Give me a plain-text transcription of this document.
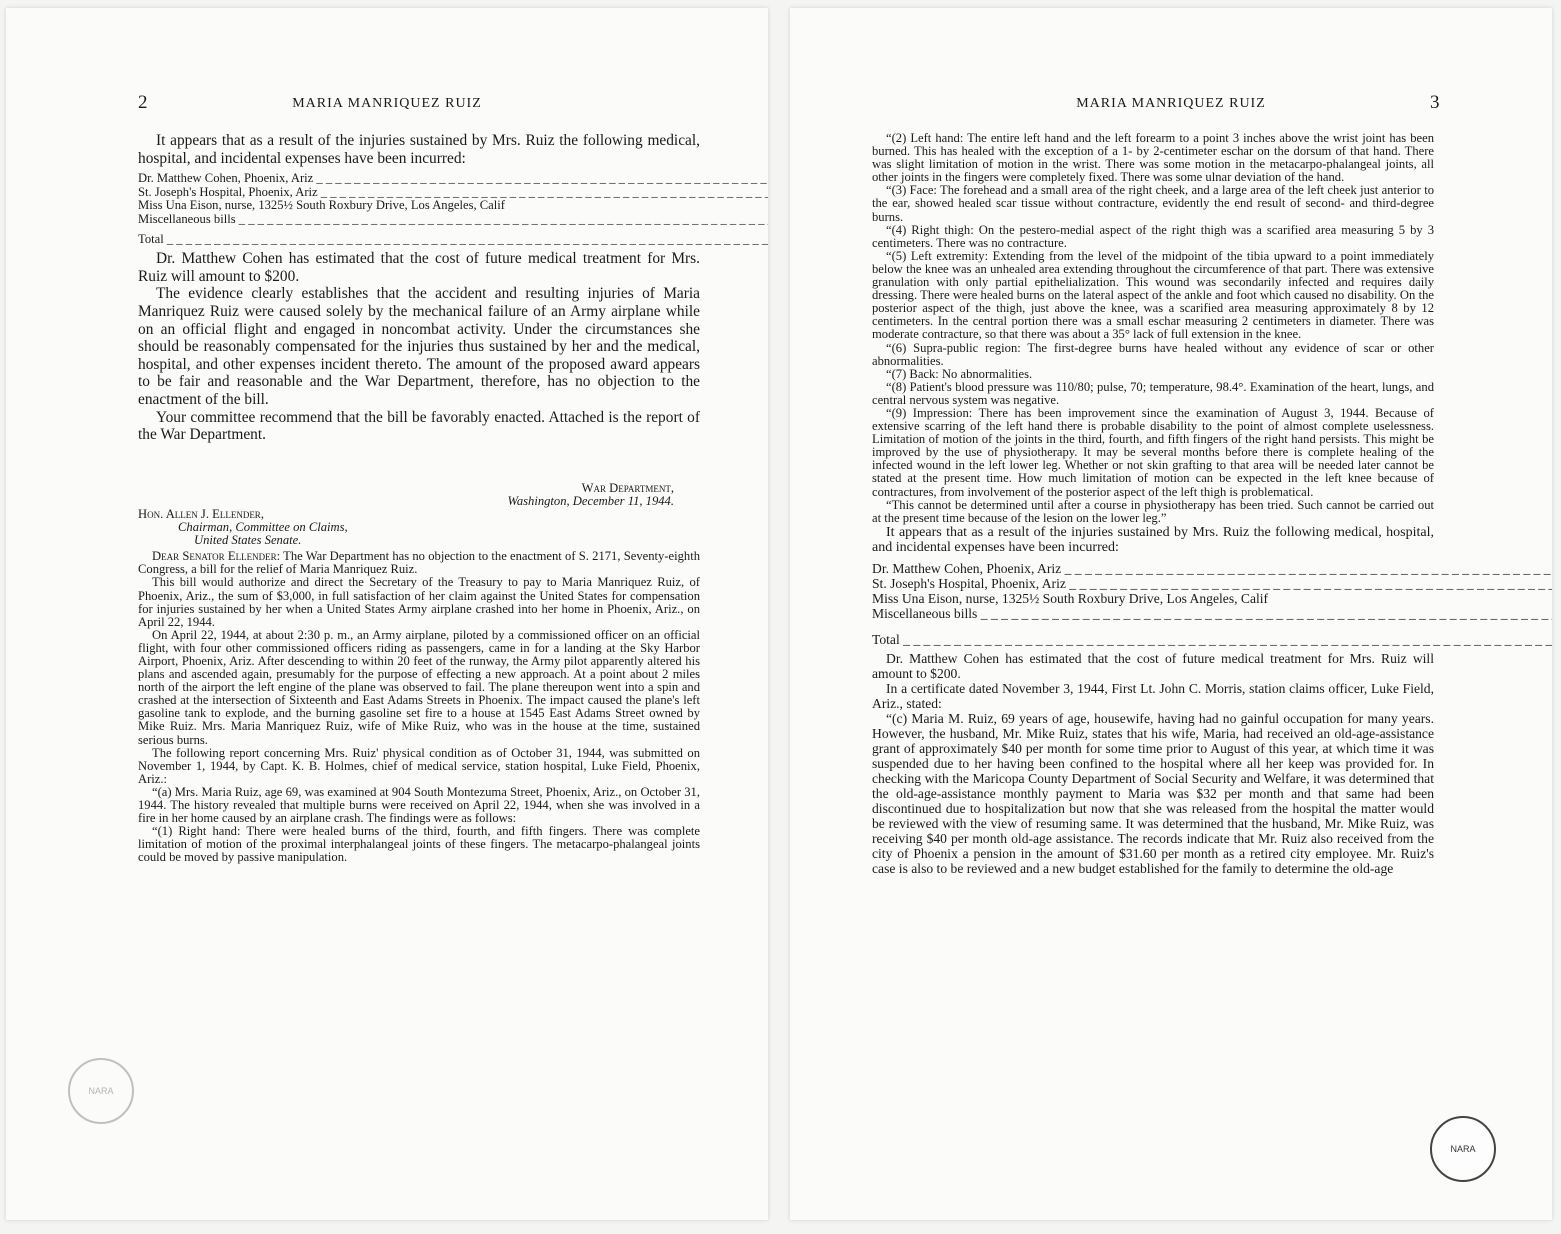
2	MARIA MANRIQUEZ RUIZ

It appears that as a result of the injuries sustained by Mrs. Ruiz the following medical, hospital, and incidental expenses have been incurred:

Dr. Matthew Cohen, Phoenix, Ariz _ _ _	
St. Joseph's Hospital, Phoenix, Ariz _ _ _	
Miss Una Eison, nurse, 1325½ South Roxbury Drive, Los Angeles, Calif	
Miscellaneous bills _ _ _	
Total _ _ _	

Dr. Matthew Cohen has estimated that the cost of future medical treatment for Mrs. Ruiz will amount to $200.

The evidence clearly establishes that the accident and resulting injuries of Maria Manriquez Ruiz were caused solely by the mechanical failure of an Army airplane while on an official flight and engaged in noncombat activity. Under the circumstances she should be reasonably compensated for the injuries thus sustained by her and the medical, hospital, and other expenses incident thereto. The amount of the proposed award appears to be fair and reasonable and the War Department, therefore, has no objection to the enactment of the bill.

Your committee recommend that the bill be favorably enacted. Attached is the report of the War Department.

War Department,

Washington, December 11, 1944.

Hon. Allen J. Ellender,

Chairman, Committee on Claims,

United States Senate.

Dear Senator Ellender: The War Department has no objection to the enactment of S. 2171, Seventy-eighth Congress, a bill for the relief of Maria Manriquez Ruiz.

This bill would authorize and direct the Secretary of the Treasury to pay to Maria Manriquez Ruiz, of Phoenix, Ariz., the sum of $3,000, in full satisfaction of her claim against the United States for compensation for injuries sustained by her when a United States Army airplane crashed into her home in Phoenix, Ariz., on April 22, 1944.

On April 22, 1944, at about 2:30 p. m., an Army airplane, piloted by a commissioned officer on an official flight, with four other commissioned officers riding as passengers, came in for a landing at the Sky Harbor Airport, Phoenix, Ariz. After descending to within 20 feet of the runway, the Army pilot apparently altered his plans and ascended again, presumably for the purpose of effecting a new approach. At a point about 2 miles north of the airport the left engine of the plane was observed to fail. The plane thereupon went into a spin and crashed at the intersection of Sixteenth and East Adams Streets in Phoenix. The impact caused the plane's left gasoline tank to explode, and the burning gasoline set fire to a house at 1545 East Adams Street owned by Mike Ruiz. Mrs. Maria Manriquez Ruiz, wife of Mike Ruiz, who was in the house at the time, sustained serious burns.

The following report concerning Mrs. Ruiz' physical condition as of October 31, 1944, was submitted on November 1, 1944, by Capt. K. B. Holmes, chief of medical service, station hospital, Luke Field, Phoenix, Ariz.:

“(a) Mrs. Maria Ruiz, age 69, was examined at 904 South Montezuma Street, Phoenix, Ariz., on October 31, 1944. The history revealed that multiple burns were received on April 22, 1944, when she was involved in a fire in her home caused by an airplane crash. The findings were as follows:

“(1) Right hand: There were healed burns of the third, fourth, and fifth fingers. There was complete limitation of motion of the proximal interphalangeal joints of these fingers. The metacarpo-phalangeal joints could be moved by passive manipulation.

NARA
MARIA MANRIQUEZ RUIZ	3

“(2) Left hand: The entire left hand and the left forearm to a point 3 inches above the wrist joint has been burned. This has healed with the exception of a 1- by 2-centimeter eschar on the dorsum of that hand. There was slight limitation of motion in the wrist. There was some motion in the metacarpo-phalangeal joints, all other joints in the fingers were completely fixed. There was some ulnar deviation of the hand.

“(3) Face: The forehead and a small area of the right cheek, and a large area of the left cheek just anterior to the ear, showed healed scar tissue without contracture, evidently the end result of second- and third-degree burns.

“(4) Right thigh: On the pestero-medial aspect of the right thigh was a scarified area measuring 5 by 3 centimeters. There was no contracture.

“(5) Left extremity: Extending from the level of the midpoint of the tibia upward to a point immediately below the knee was an unhealed area extending throughout the circumference of that part. There was extensive granulation with only partial epithelialization. This wound was secondarily infected and requires daily dressing. There were healed burns on the lateral aspect of the ankle and foot which caused no disability. On the posterior aspect of the thigh, just above the knee, was a scarified area measuring approximately 8 by 12 centimeters. In the central portion there was a small eschar measuring 2 centimeters in diameter. There was moderate contracture, so that there was about a 35° lack of full extension in the knee.

“(6) Supra-public region: The first-degree burns have healed without any evidence of scar or other abnormalities.

“(7) Back: No abnormalities.

“(8) Patient's blood pressure was 110/80; pulse, 70; temperature, 98.4°. Examination of the heart, lungs, and central nervous system was negative.

“(9) Impression: There has been improvement since the examination of August 3, 1944. Because of extensive scarring of the left hand there is probable disability to the point of almost complete uselessness. Limitation of motion of the joints in the third, fourth, and fifth fingers of the right hand persists. This might be improved by the use of physiotherapy. It may be several months before there is complete healing of the infected wound in the left lower leg. Whether or not skin grafting to that area will be needed later cannot be stated at the present time. How much limitation of motion can be expected in the left knee because of contractures, from involvement of the posterior aspect of the left thigh is problematical.

“This cannot be determined until after a course in physiotherapy has been tried. Such cannot be carried out at the present time because of the lesion on the lower leg.”

It appears that as a result of the injuries sustained by Mrs. Ruiz the following medical, hospital, and incidental expenses have been incurred:

Dr. Matthew Cohen, Phoenix, Ariz _ _ _	
St. Joseph's Hospital, Phoenix, Ariz _ _ _	
Miss Una Eison, nurse, 1325½ South Roxbury Drive, Los Angeles, Calif	
Miscellaneous bills _ _ _	
Total _ _ _	

Dr. Matthew Cohen has estimated that the cost of future medical treatment for Mrs. Ruiz will amount to $200.

In a certificate dated November 3, 1944, First Lt. John C. Morris, station claims officer, Luke Field, Ariz., stated:

“(c) Maria M. Ruiz, 69 years of age, housewife, having had no gainful occupation for many years. However, the husband, Mr. Mike Ruiz, states that his wife, Maria, had received an old-age-assistance grant of approximately $40 per month for some time prior to August of this year, at which time it was suspended due to her having been confined to the hospital where all her keep was provided for. In checking with the Maricopa County Department of Social Security and Welfare, it was determined that the old-age-assistance monthly payment to Maria was $32 per month and that same had been discontinued due to hospitalization but now that she was released from the hospital the matter would be reviewed with the view of resuming same. It was determined that the husband, Mr. Mike Ruiz, was receiving $40 per month old-age assistance. The records indicate that Mr. Ruiz also received from the city of Phoenix a pension in the amount of $31.60 per month as a retired city employee. Mr. Ruiz's case is also to be reviewed and a new budget established for the family to determine the old-age

NARA
